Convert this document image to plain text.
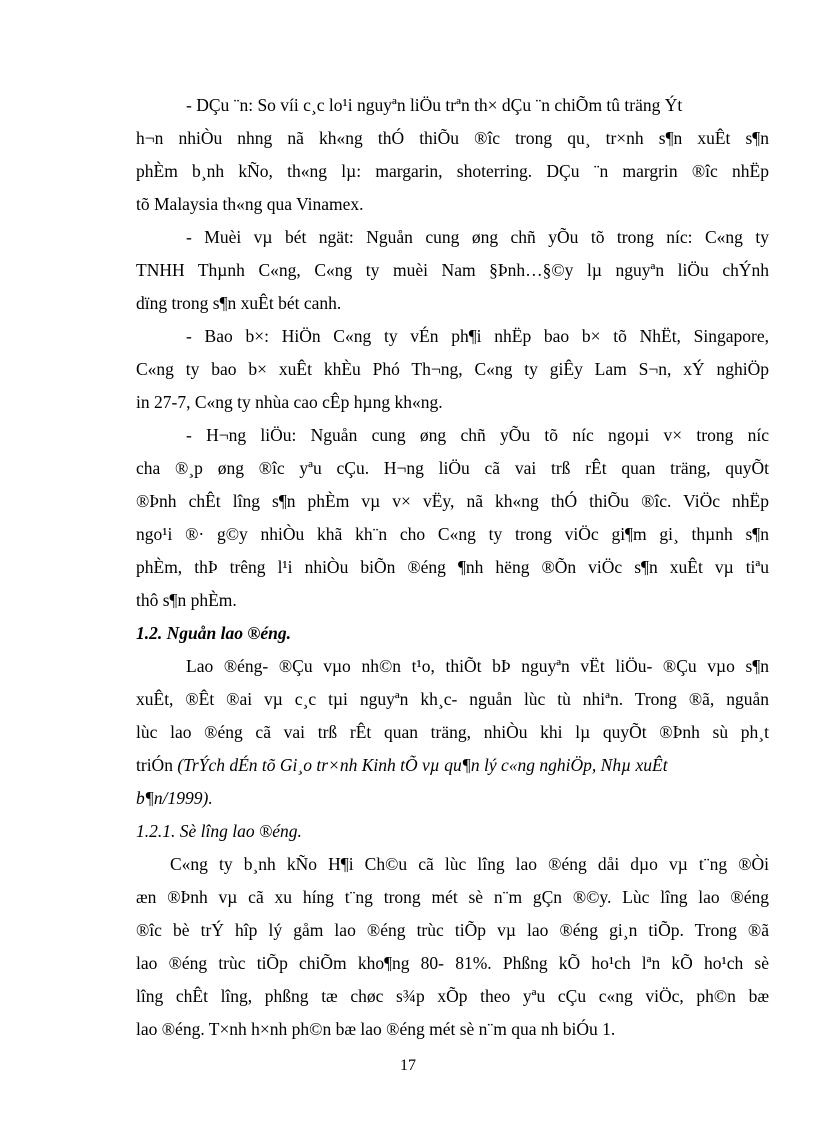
- DÇu ¨n: So víi c¸c lo¹i nguyªn liÖu trªn th× dÇu ¨n chiÕm tû träng Ýt
h¬n nhiÒu nhng nã kh«ng thÓ thiÕu ®îc trong qu¸ tr×nh s¶n xuÊt s¶n
phÈm b¸nh kÑo, th«ng lµ: margarin, shoterring. DÇu ¨n margrin ®îc nhËp
tõ Malaysia th«ng qua Vinamex.
- Muèi vµ bét ngät: Nguån cung øng chñ yÕu tõ trong níc: C«ng ty
TNHH Thµnh C«ng, C«ng ty muèi Nam §Þnh…§©y lµ nguyªn liÖu chÝnh
dïng trong s¶n xuÊt bét canh.
- Bao b×: HiÖn C«ng ty vÉn ph¶i nhËp bao b× tõ NhËt, Singapore,
C«ng ty bao b× xuÊt khÈu Phó Th¬ng, C«ng ty giÊy Lam S¬n, xÝ nghiÖp
in 27-7, C«ng ty nhùa cao cÊp hµng kh«ng.
- H¬ng liÖu: Nguån cung øng chñ yÕu tõ níc ngoµi v× trong níc
cha ®¸p øng ®îc yªu cÇu. H¬ng liÖu cã vai trß rÊt quan träng, quyÕt
®Þnh chÊt lîng s¶n phÈm vµ v× vËy, nã kh«ng thÓ thiÕu ®îc. ViÖc nhËp
ngo¹i ®· g©y nhiÒu khã kh¨n cho C«ng ty trong viÖc gi¶m gi¸ thµnh s¶n
phÈm, thÞ trêng l¹i nhiÒu biÕn ®éng ¶nh hëng ®Õn viÖc s¶n xuÊt vµ tiªu
thô s¶n phÈm.
1.2. Nguån lao ®éng.
Lao ®éng- ®Çu vµo nh©n t¹o, thiÕt bÞ nguyªn vËt liÖu- ®Çu vµo s¶n
xuÊt, ®Êt ®ai vµ c¸c tµi nguyªn kh¸c- nguån lùc tù nhiªn. Trong ®ã, nguån
lùc lao ®éng cã vai trß rÊt quan träng, nhiÒu khi lµ quyÕt ®Þnh sù ph¸t
triÓn (TrÝch dÉn tõ Gi¸o tr×nh Kinh tÕ vµ qu¶n lý c«ng nghiÖp, Nhµ xuÊt
b¶n/1999).
1.2.1. Sè lîng lao ®éng.
C«ng ty b¸nh kÑo H¶i Ch©u cã lùc lîng lao ®éng dåi dµo vµ t¨ng ®Òi
æn ®Þnh vµ cã xu híng t¨ng trong mét sè n¨m gÇn ®©y. Lùc lîng lao ®éng
®îc bè trÝ hîp lý gåm lao ®éng trùc tiÕp vµ lao ®éng gi¸n tiÕp. Trong ®ã
lao ®éng trùc tiÕp chiÕm kho¶ng 80- 81%. Phßng kÕ ho¹ch lªn kÕ ho¹ch sè
lîng chÊt lîng, phßng tæ chøc s¾p xÕp theo yªu cÇu c«ng viÖc, ph©n bæ
lao ®éng. T×nh h×nh ph©n bæ lao ®éng mét sè n¨m qua nh biÓu 1.
17
